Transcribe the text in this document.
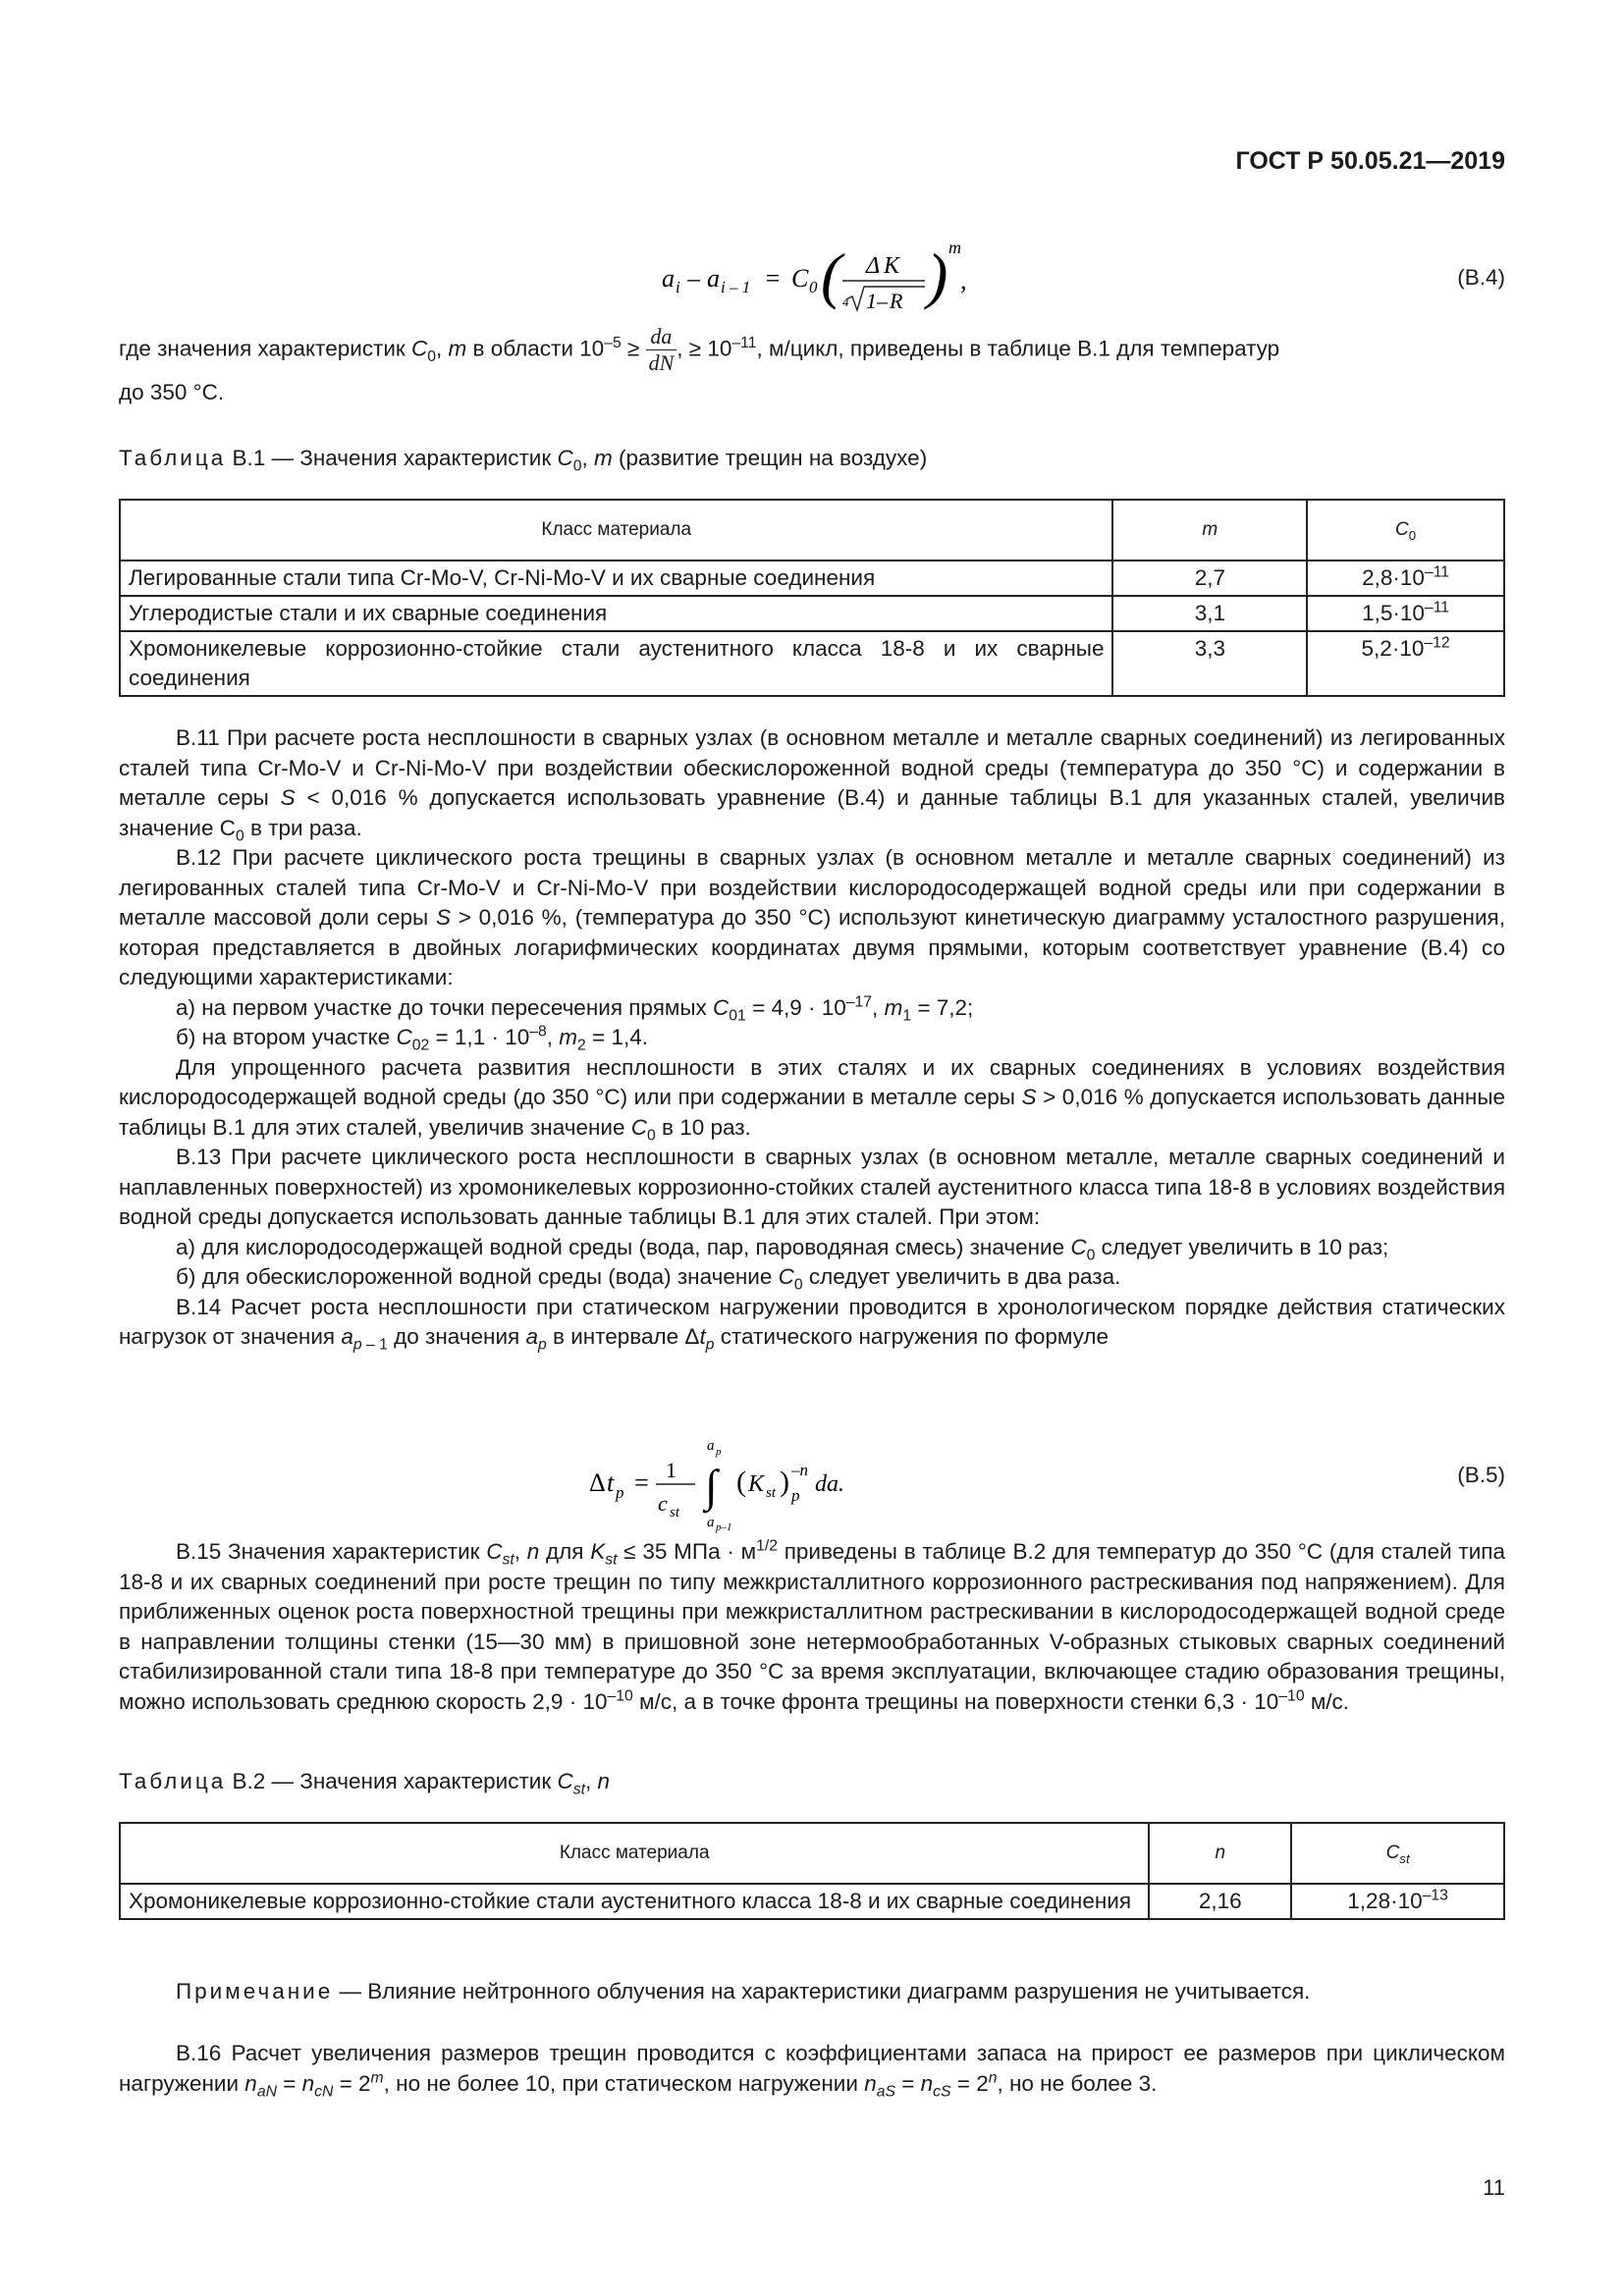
ГОСТ Р 50.05.21—2019
a i – a i – 1 = C 0 ( Δ K
4 1– R ) m
,	(B.4)
где значения характеристик $C_0$, m в области $10^{-5} \ge \frac{da}{dN}$ , ≥ $10^{-11}$, м/цикл, приведены в таблице В.1 для температур
до 350 °С.
Таблица В.1 — Значения характеристик $C_0$, m (развитие трещин на воздухе)
Класс материала	m	$C_0$
Легированные стали типа Cr-Mo-V, Cr-Ni-Mo-V и их сварные соединения	2,7	$2,8\cdot 10^{-11}$
Углеродистые стали и их сварные соединения	3,1	$1,5\cdot 10^{-11}$
Хромоникелевые коррозионно-стойкие стали аустенитного класса 18-8 и их сварные соединения	3,3	$5,2\cdot 10^{-12}$
В.11 При расчете роста несплошности в сварных узлах (в основном металле и металле сварных соединений) из легированных сталей типа Cr-Mo-V и Cr-Ni-Mo-V при воздействии обескислороженной водной среды (температура до 350 °С) и содержании в металле серы S < 0,016 % допускается использовать уравнение (В.4) и данные таблицы В.1 для указанных сталей, увеличив значение $С_0$ в три раза.
В.12 При расчете циклического роста трещины в сварных узлах (в основном металле и металле сварных соединений) из легированных сталей типа Cr-Mo-V и Cr-Ni-Mo-V при воздействии кислородосодержащей водной среды или при содержании в металле массовой доли серы S > 0,016 %, (температура до 350 °С) используют кинетическую диаграмму усталостного разрушения, которая представляется в двойных логарифмических координатах двумя прямыми, которым соответствует уравнение (В.4) со следующими характеристиками:
а) на первом участке до точки пересечения прямых $C_{01} = 4,9 \cdot 10^{-17}$, $m_1 = 7,2$;
б) на втором участке $C_{02} = 1,1 \cdot 10^{-8}$, $m_2 = 1,4$.
Для упрощенного расчета развития несплошности в этих сталях и их сварных соединениях в условиях воздействия кислородосодержащей водной среды (до 350 °С) или при содержании в металле серы S > 0,016 % допускается использовать данные таблицы В.1 для этих сталей, увеличив значение $C_0$ в 10 раз.
В.13 При расчете циклического роста несплошности в сварных узлах (в основном металле, металле сварных соединений и наплавленных поверхностей) из хромоникелевых коррозионно-стойких сталей аустенитного класса типа 18-8 в условиях воздействия водной среды допускается использовать данные таблицы В.1 для этих сталей. При этом:
а) для кислородосодержащей водной среды (вода, пар, пароводяная смесь) значение $C_0$ следует увеличить в 10 раз;
б) для обескислороженной водной среды (вода) значение $C_0$ следует увеличить в два раза.
В.14 Расчет роста несплошности при статическом нагружении проводится в хронологическом порядке действия статических нагрузок от значения $a_{p - 1}$ до значения $a_p$ в интервале $\Delta t_p$ статического нагружения по формуле
Δ t p = 1
c st
a p
∫
a p–1
( K st ) –n
p da.	(В.5)
В.15 Значения характеристик $C_{st}$, n для $K_{st} \le 35$ МПа · $м^{1/2}$ приведены в таблице В.2 для температур до 350 °С (для сталей типа 18-8 и их сварных соединений при росте трещин по типу межкристаллитного коррозионного растрескивания под напряжением). Для приближенных оценок роста поверхностной трещины при межкристаллитном растрескивании в кислородосодержащей водной среде в направлении толщины стенки (15—30 мм) в пришовной зоне нетермообработанных V-образных стыковых сварных соединений стабилизированной стали типа 18-8 при температуре до 350 °С за время эксплуатации, включающее стадию образования трещины, можно использовать среднюю скорость $2,9 \cdot 10^{-10}$ м/с, а в точке фронта трещины на поверхности стенки $6,3 \cdot 10^{-10}$ м/с.
Таблица В.2 — Значения характеристик $C_{st}$, n
Класс материала	n	$C_{st}$
Хромоникелевые коррозионно-стойкие стали аустенитного класса 18-8 и их сварные соединения	2,16	$1,28\cdot 10^{-13}$
Примечание — Влияние нейтронного облучения на характеристики диаграмм разрушения не учитывается.
В.16 Расчет увеличения размеров трещин проводится с коэффициентами запаса на прирост ее размеров при циклическом нагружении $n_{aN} = n_{cN} = 2^m$, но не более 10, при статическом нагружении $n_{aS} = n_{cS} = 2^n$, но не более 3.
11
